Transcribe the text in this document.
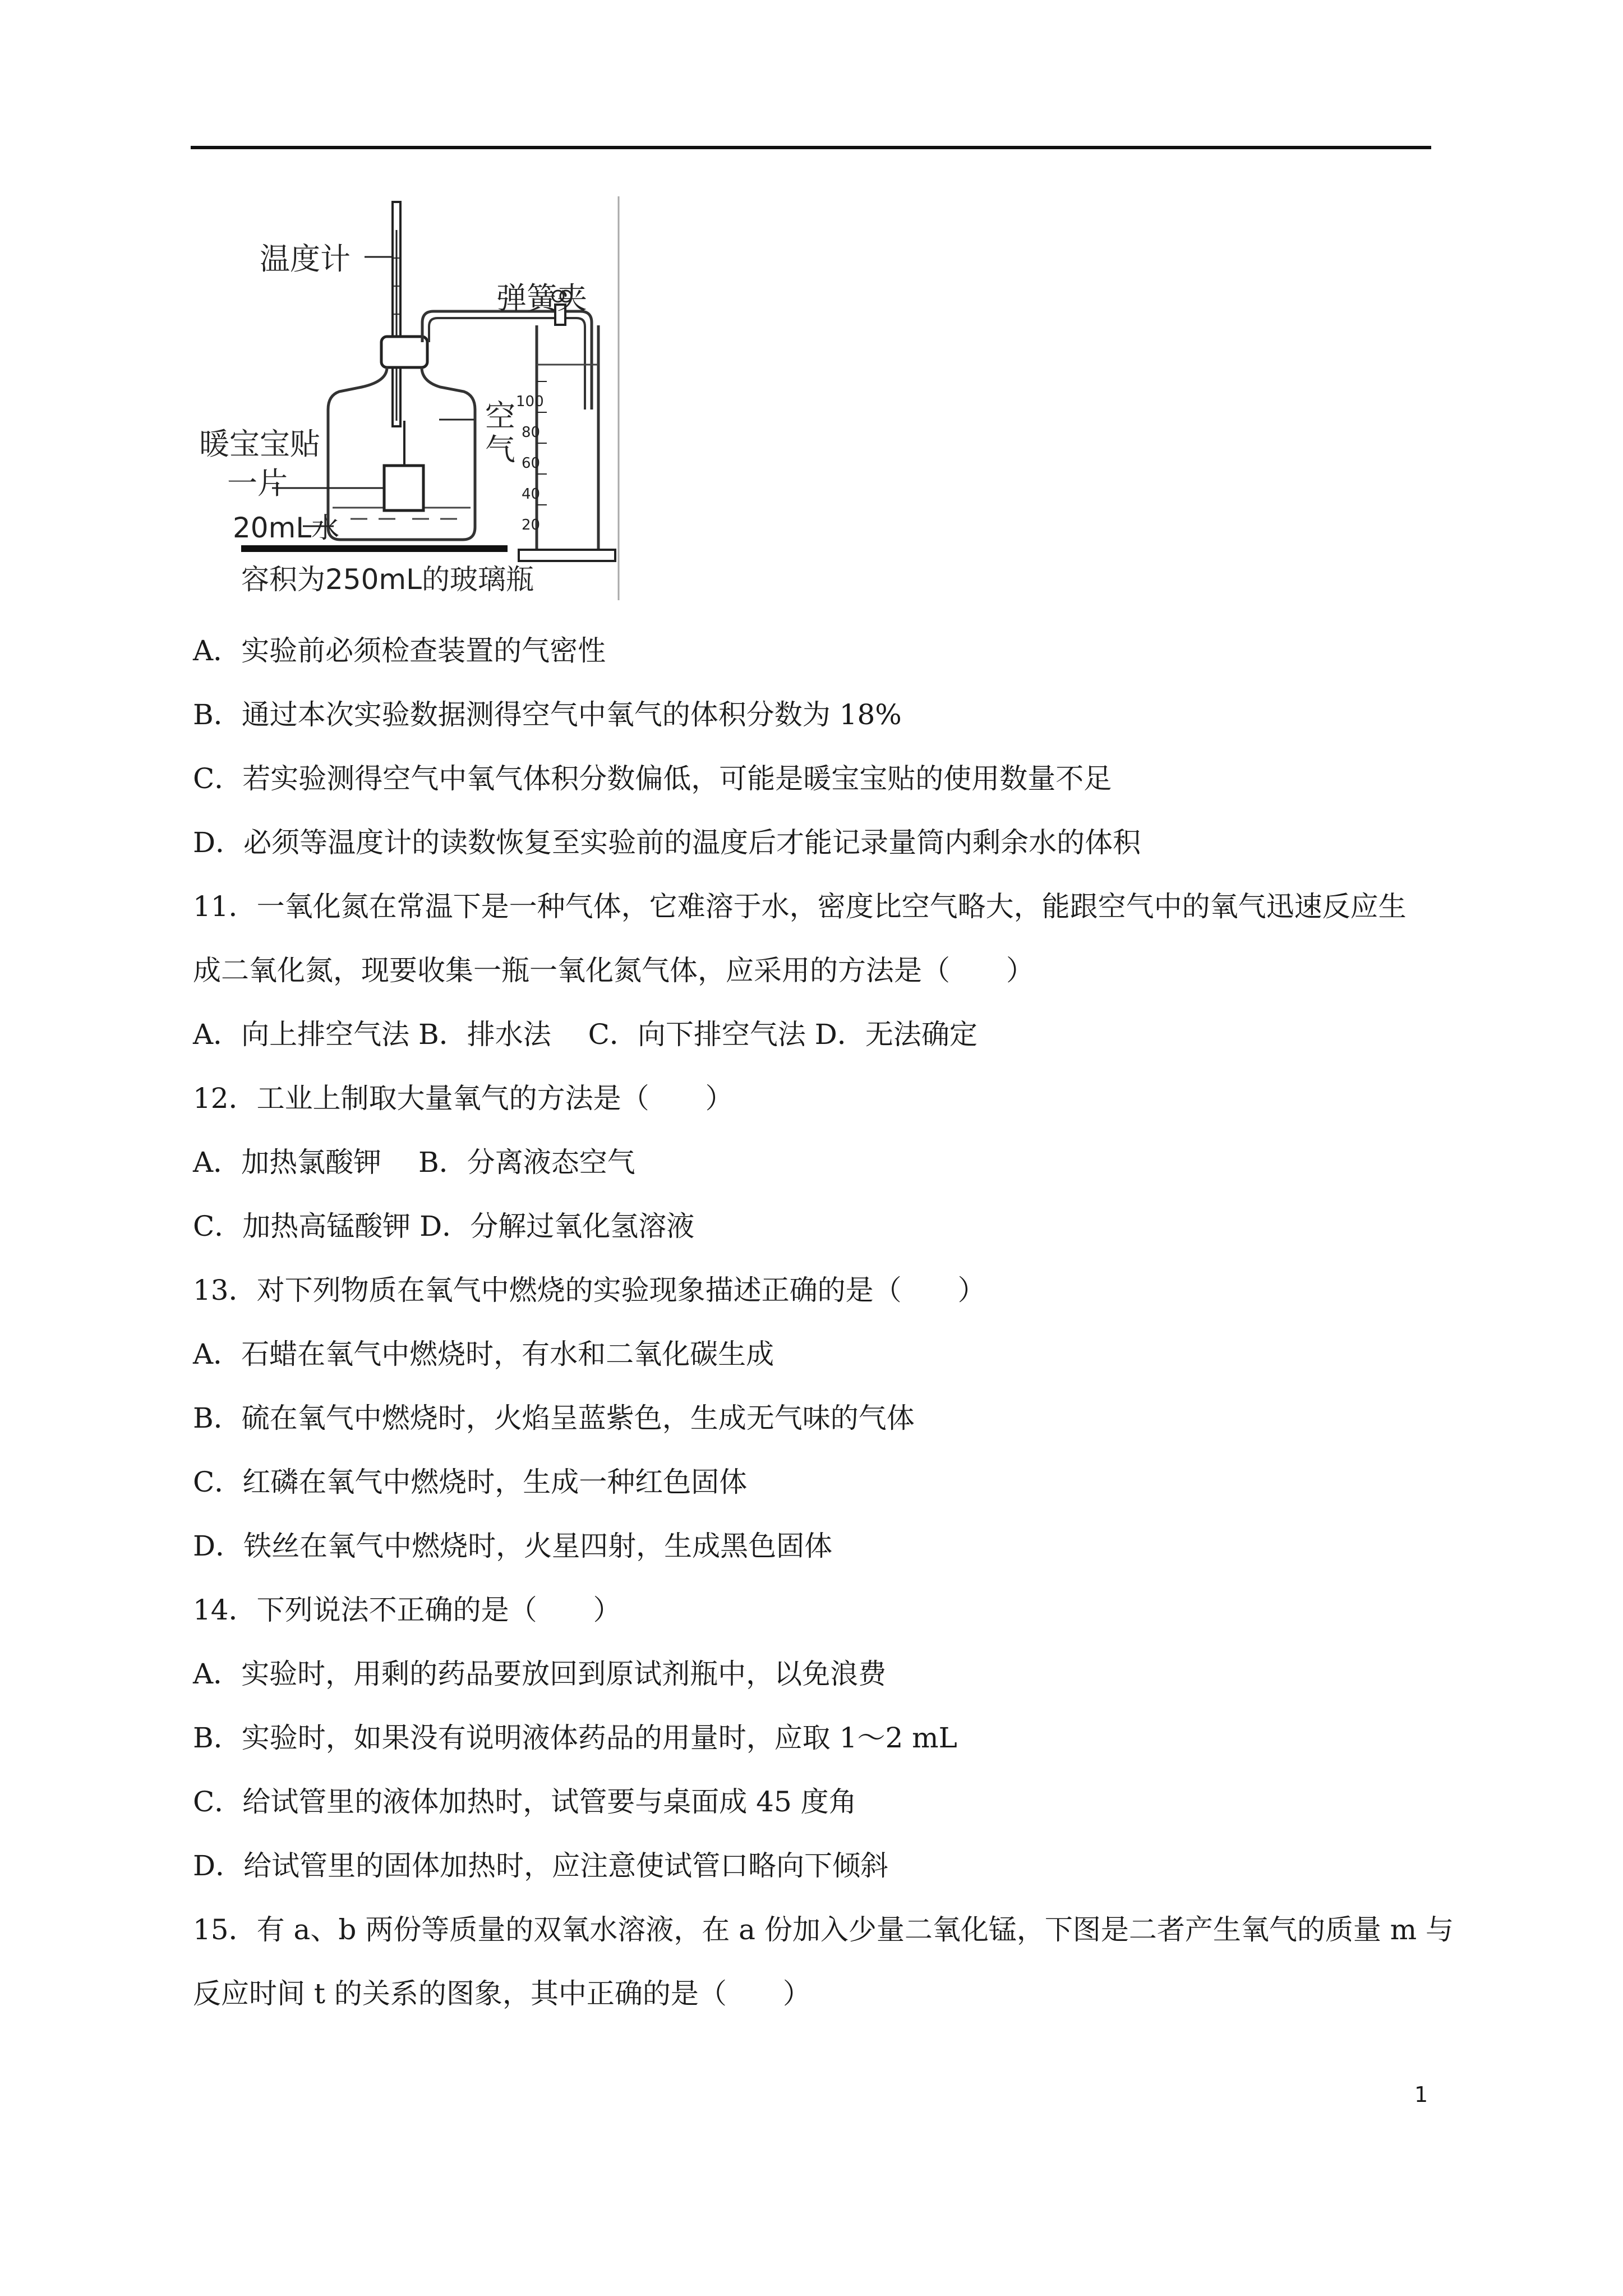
100
80
60
40
20
温度计
弹簧夹
暖宝宝贴
一片
空
气
20mL水
容积为250mL的玻璃瓶
A．实验前必须检查装置的气密性
B．通过本次实验数据测得空气中氧气的体积分数为 18%
C．若实验测得空气中氧气体积分数偏低，可能是暖宝宝贴的使用数量不足
D．必须等温度计的读数恢复至实验前的温度后才能记录量筒内剩余水的体积
11．一氧化氮在常温下是一种气体，它难溶于水，密度比空气略大，能跟空气中的氧气迅速反应生
成二氧化氮，现要收集一瓶一氧化氮气体，应采用的方法是（　　）
A．向上排空气法 B．排水法　 C．向下排空气法 D．无法确定
12．工业上制取大量氧气的方法是（　　）
A．加热氯酸钾　 B．分离液态空气
C．加热高锰酸钾 D．分解过氧化氢溶液
13．对下列物质在氧气中燃烧的实验现象描述正确的是（　　）
A．石蜡在氧气中燃烧时，有水和二氧化碳生成
B．硫在氧气中燃烧时，火焰呈蓝紫色，生成无气味的气体
C．红磷在氧气中燃烧时，生成一种红色固体
D．铁丝在氧气中燃烧时，火星四射，生成黑色固体
14．下列说法不正确的是（　　）
A．实验时，用剩的药品要放回到原试剂瓶中，以免浪费
B．实验时，如果没有说明液体药品的用量时，应取 1～2 mL
C．给试管里的液体加热时，试管要与桌面成 45 度角
D．给试管里的固体加热时，应注意使试管口略向下倾斜
15．有 a、b 两份等质量的双氧水溶液，在 a 份加入少量二氧化锰，下图是二者产生氧气的质量 m 与
反应时间 t 的关系的图象，其中正确的是（　　）
1
